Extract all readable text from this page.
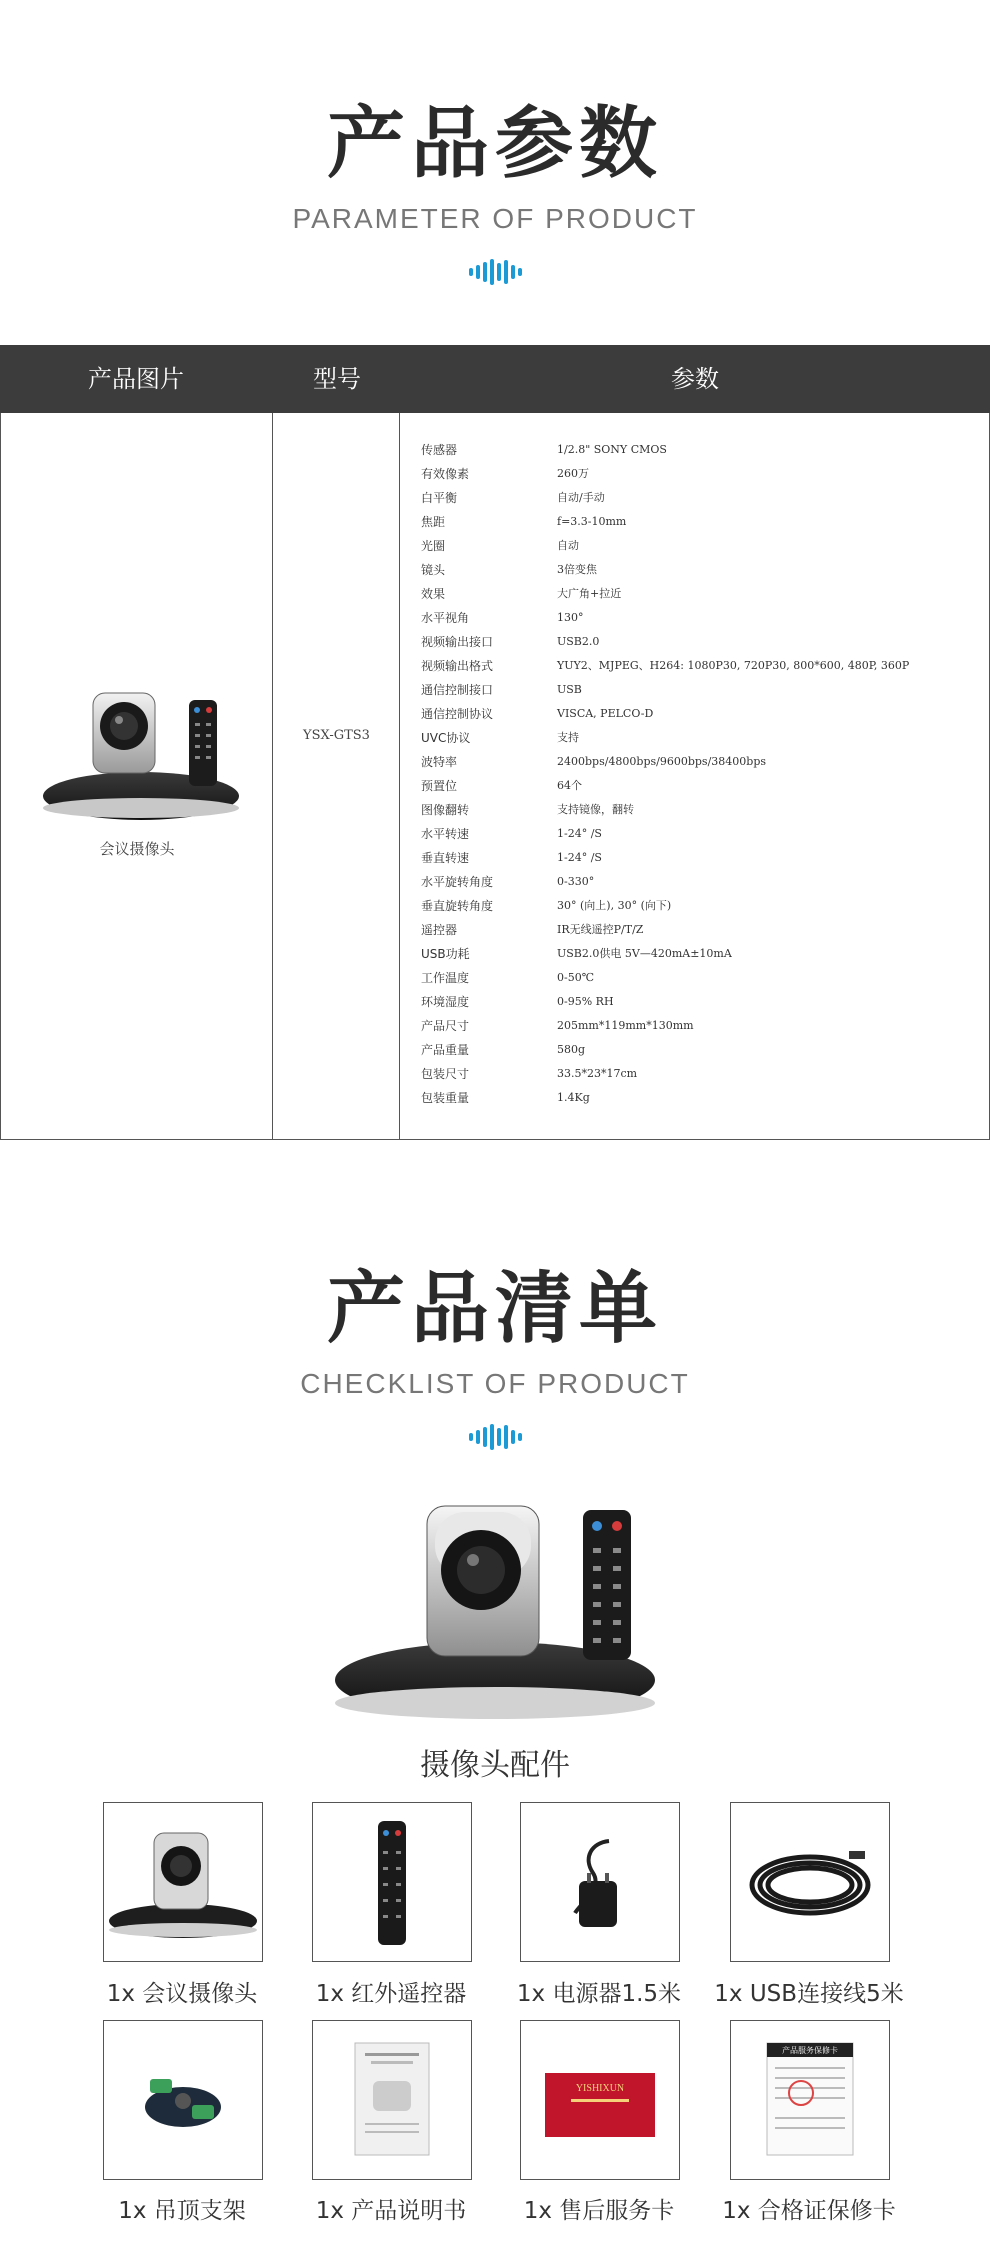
产品参数
PARAMETER OF PRODUCT
产品图片	型号	参数
会议摄像头
YSX-GTS3
传感器	1/2.8" SONY CMOS
有效像素	260万
白平衡	自动/手动
焦距	f=3.3-10mm
光圈	自动
镜头	3倍变焦
效果	大广角+拉近
水平视角	130°
视频输出接口	USB2.0
视频输出格式	YUY2、MJPEG、H264: 1080P30, 720P30, 800*600, 480P, 360P
通信控制接口	USB
通信控制协议	VISCA, PELCO-D
UVC协议	支持
波特率	2400bps/4800bps/9600bps/38400bps
预置位	64个
图像翻转	支持镜像，翻转
水平转速	1-24° /S
垂直转速	1-24° /S
水平旋转角度	0-330°
垂直旋转角度	30° (向上), 30° (向下)
遥控器	IR无线遥控P/T/Z
USB功耗	USB2.0供电 5V—420mA±10mA
工作温度	0-50℃
环境湿度	0-95% RH
产品尺寸	205mm*119mm*130mm
产品重量	580g
包装尺寸	33.5*23*17cm
包装重量	1.4Kg
产品清单
CHECKLIST OF PRODUCT
摄像头配件
1x 会议摄像头	1x 红外遥控器	1x 电源器1.5米	1x USB连接线5米
YISHIXUN
产品服务保修卡
1x 吊顶支架	1x 产品说明书	1x 售后服务卡	1x 合格证保修卡
